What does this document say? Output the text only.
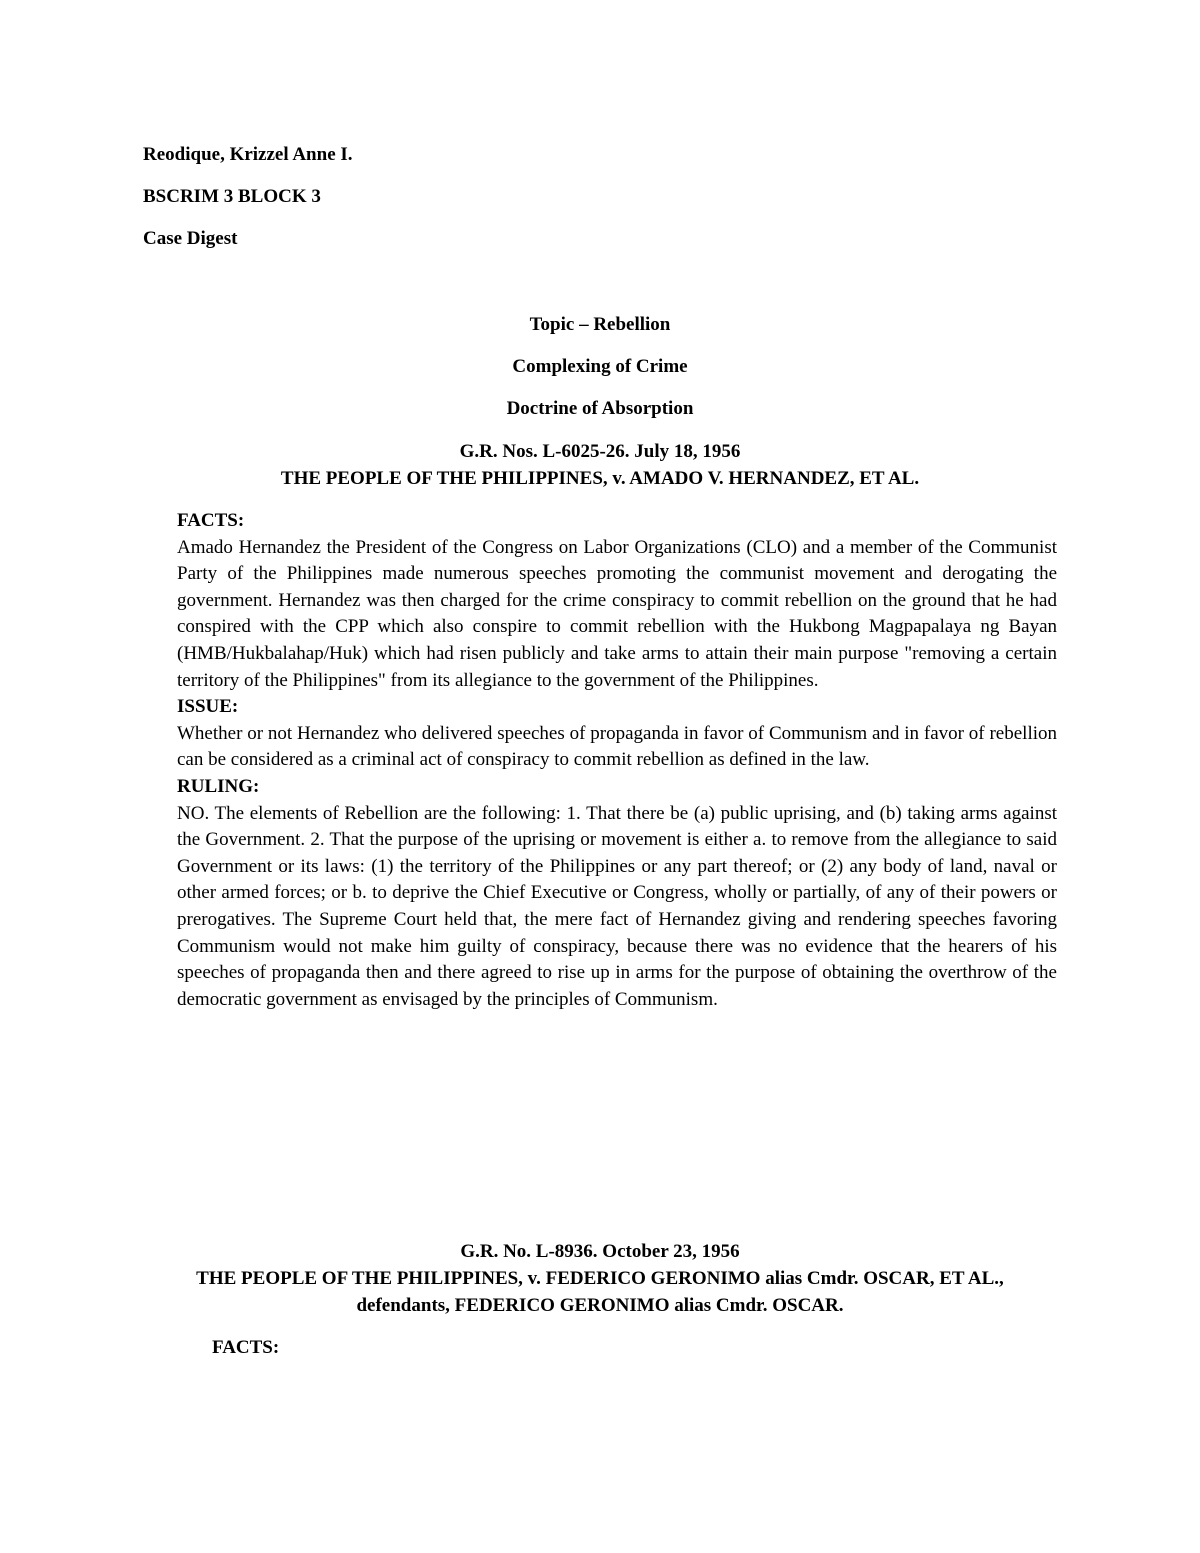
Reodique, Krizzel Anne I.

BSCRIM 3 BLOCK 3

Case Digest

Topic – Rebellion

Complexing of Crime

Doctrine of Absorption

G.R. Nos. L-6025-26. July 18, 1956

THE PEOPLE OF THE PHILIPPINES, v. AMADO V. HERNANDEZ, ET AL.

FACTS:

Amado Hernandez the President of the Congress on Labor Organizations (CLO) and a member of the Communist Party of the Philippines made numerous speeches promoting the communist movement and derogating the government. Hernandez was then charged for the crime conspiracy to commit rebellion on the ground that he had conspired with the CPP which also conspire to commit rebellion with the Hukbong Magpapalaya ng Bayan (HMB/Hukbalahap/Huk) which had risen publicly and take arms to attain their main purpose "removing a certain territory of the Philippines" from its allegiance to the government of the Philippines.

ISSUE:

Whether or not Hernandez who delivered speeches of propaganda in favor of Communism and in favor of rebellion can be considered as a criminal act of conspiracy to commit rebellion as defined in the law.

RULING:

NO. The elements of Rebellion are the following: 1. That there be (a) public uprising, and (b) taking arms against the Government. 2. That the purpose of the uprising or movement is either a. to remove from the allegiance to said Government or its laws: (1) the territory of the Philippines or any part thereof; or (2) any body of land, naval or other armed forces; or b. to deprive the Chief Executive or Congress, wholly or partially, of any of their powers or prerogatives. The Supreme Court held that, the mere fact of Hernandez giving and rendering speeches favoring Communism would not make him guilty of conspiracy, because there was no evidence that the hearers of his speeches of propaganda then and there agreed to rise up in arms for the purpose of obtaining the overthrow of the democratic government as envisaged by the principles of Communism.

G.R. No. L-8936. October 23, 1956

THE PEOPLE OF THE PHILIPPINES, v. FEDERICO GERONIMO alias Cmdr. OSCAR, ET AL.,

defendants, FEDERICO GERONIMO alias Cmdr. OSCAR.

FACTS:
